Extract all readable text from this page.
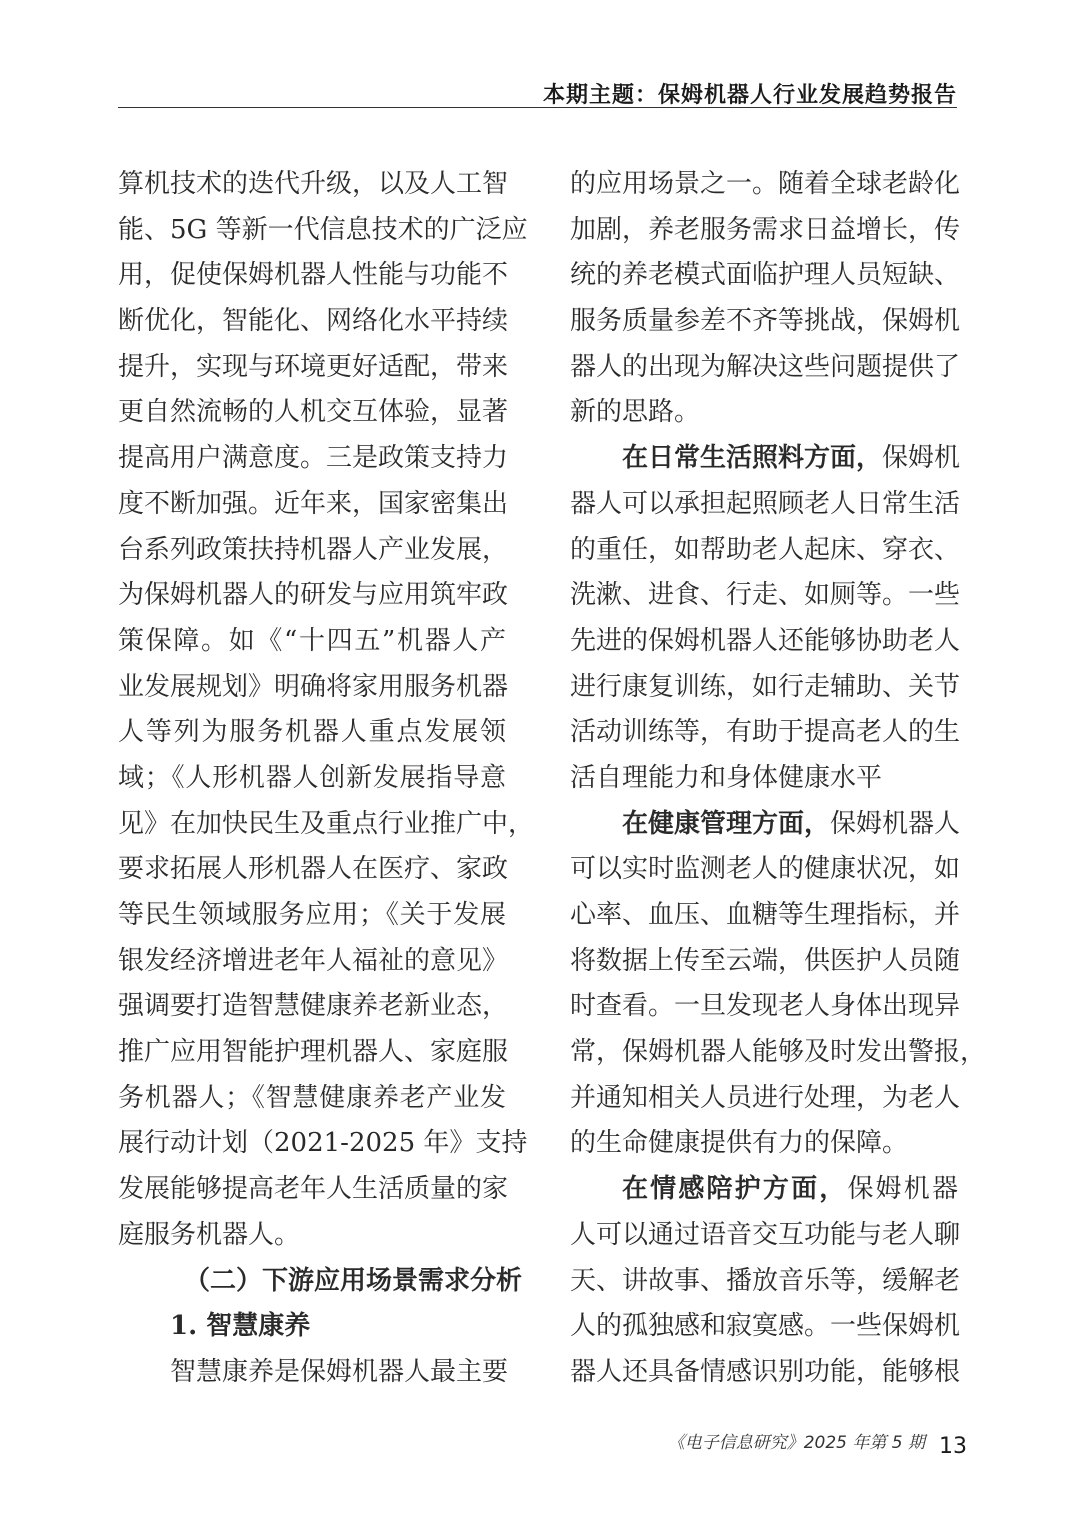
本期主题：保姆机器人行业发展趋势报告
算机技术的迭代升级，以及人工智
能、5G 等新一代信息技术的广泛应
用，促使保姆机器人性能与功能不
断优化，智能化、网络化水平持续
提升，实现与环境更好适配，带来
更自然流畅的人机交互体验，显著
提高用户满意度。三是政策支持力
度不断加强。近年来，国家密集出
台系列政策扶持机器人产业发展，
为保姆机器人的研发与应用筑牢政
策保障。如《“十四五”机器人产
业发展规划》明确将家用服务机器
人等列为服务机器人重点发展领
域；《人形机器人创新发展指导意
见》在加快民生及重点行业推广中，
要求拓展人形机器人在医疗、家政
等民生领域服务应用；《关于发展
银发经济增进老年人福祉的意见》
强调要打造智慧健康养老新业态，
推广应用智能护理机器人、家庭服
务机器人；《智慧健康养老产业发
展行动计划（2021-2025 年》支持
发展能够提高老年人生活质量的家
庭服务机器人。
（二）下游应用场景需求分析
1. 智慧康养
智慧康养是保姆机器人最主要
的应用场景之一。随着全球老龄化
加剧，养老服务需求日益增长，传
统的养老模式面临护理人员短缺、
服务质量参差不齐等挑战，保姆机
器人的出现为解决这些问题提供了
新的思路。
在日常生活照料方面，保姆机
器人可以承担起照顾老人日常生活
的重任，如帮助老人起床、穿衣、
洗漱、进食、行走、如厕等。一些
先进的保姆机器人还能够协助老人
进行康复训练，如行走辅助、关节
活动训练等，有助于提高老人的生
活自理能力和身体健康水平
在健康管理方面，保姆机器人
可以实时监测老人的健康状况，如
心率、血压、血糖等生理指标，并
将数据上传至云端，供医护人员随
时查看。一旦发现老人身体出现异
常，保姆机器人能够及时发出警报，
并通知相关人员进行处理，为老人
的生命健康提供有力的保障。
在情感陪护方面，保姆机器
人可以通过语音交互功能与老人聊
天、讲故事、播放音乐等，缓解老
人的孤独感和寂寞感。一些保姆机
器人还具备情感识别功能，能够根
《电子信息研究》2025 年第 5 期 13
